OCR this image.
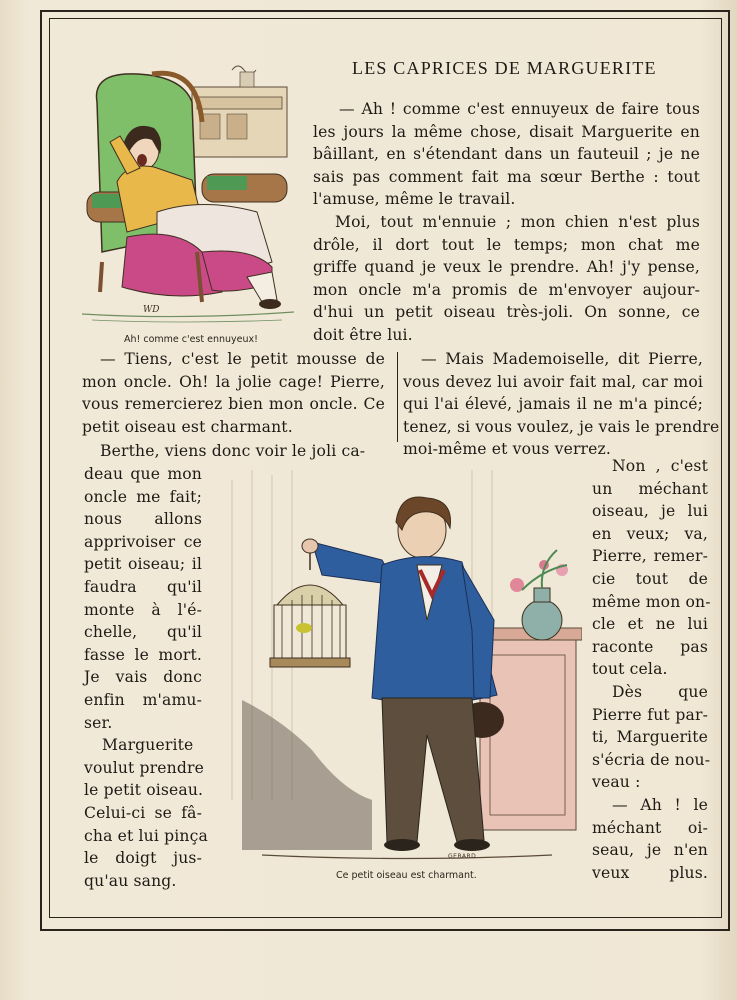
WD
Ah! comme c'est ennuyeux!
LES CAPRICES DE MARGUERITE
— Ah ! comme c'est ennuyeux de faire tous
les jours la même chose, disait Marguerite en
bâillant, en s'étendant dans un fauteuil ; je ne
sais pas comment fait ma sœur Berthe : tout
l'amuse, même le travail.
Moi, tout m'ennuie ; mon chien n'est plus
drôle, il dort tout le temps; mon chat me
griffe quand je veux le prendre. Ah! j'y pense,
mon oncle m'a promis de m'envoyer aujour-
d'hui un petit oiseau très-joli. On sonne, ce
doit être lui.
— Tiens, c'est le petit mousse de
mon oncle. Oh! la jolie cage! Pierre,
vous remercierez bien mon oncle. Ce
petit oiseau est charmant.
— Mais Mademoiselle, dit Pierre,
vous devez lui avoir fait mal, car moi
qui l'ai élevé, jamais il ne m'a pincé;
tenez, si vous voulez, je vais le prendre
moi-même et vous verrez.
Berthe, viens donc voir le joli ca-
deau que mon
oncle me fait;
nous allons
apprivoiser ce
petit oiseau; il
faudra qu'il
monte à l'é-
chelle, qu'il
fasse le mort.
Je vais donc
enfin m'amu-
ser.
Marguerite
voulut prendre
le petit oiseau.
Celui-ci se fâ-
cha et lui pinça
le doigt jus-
qu'au sang.
Non , c'est
un méchant
oiseau, je lui
en veux; va,
Pierre, remer-
cie tout de
même mon on-
cle et ne lui
raconte pas
tout cela.
Dès que
Pierre fut par-
ti, Marguerite
s'écria de nou-
veau :
— Ah ! le
méchant oi-
seau, je n'en
veux plus.
GERARD
Ce petit oiseau est charmant.
